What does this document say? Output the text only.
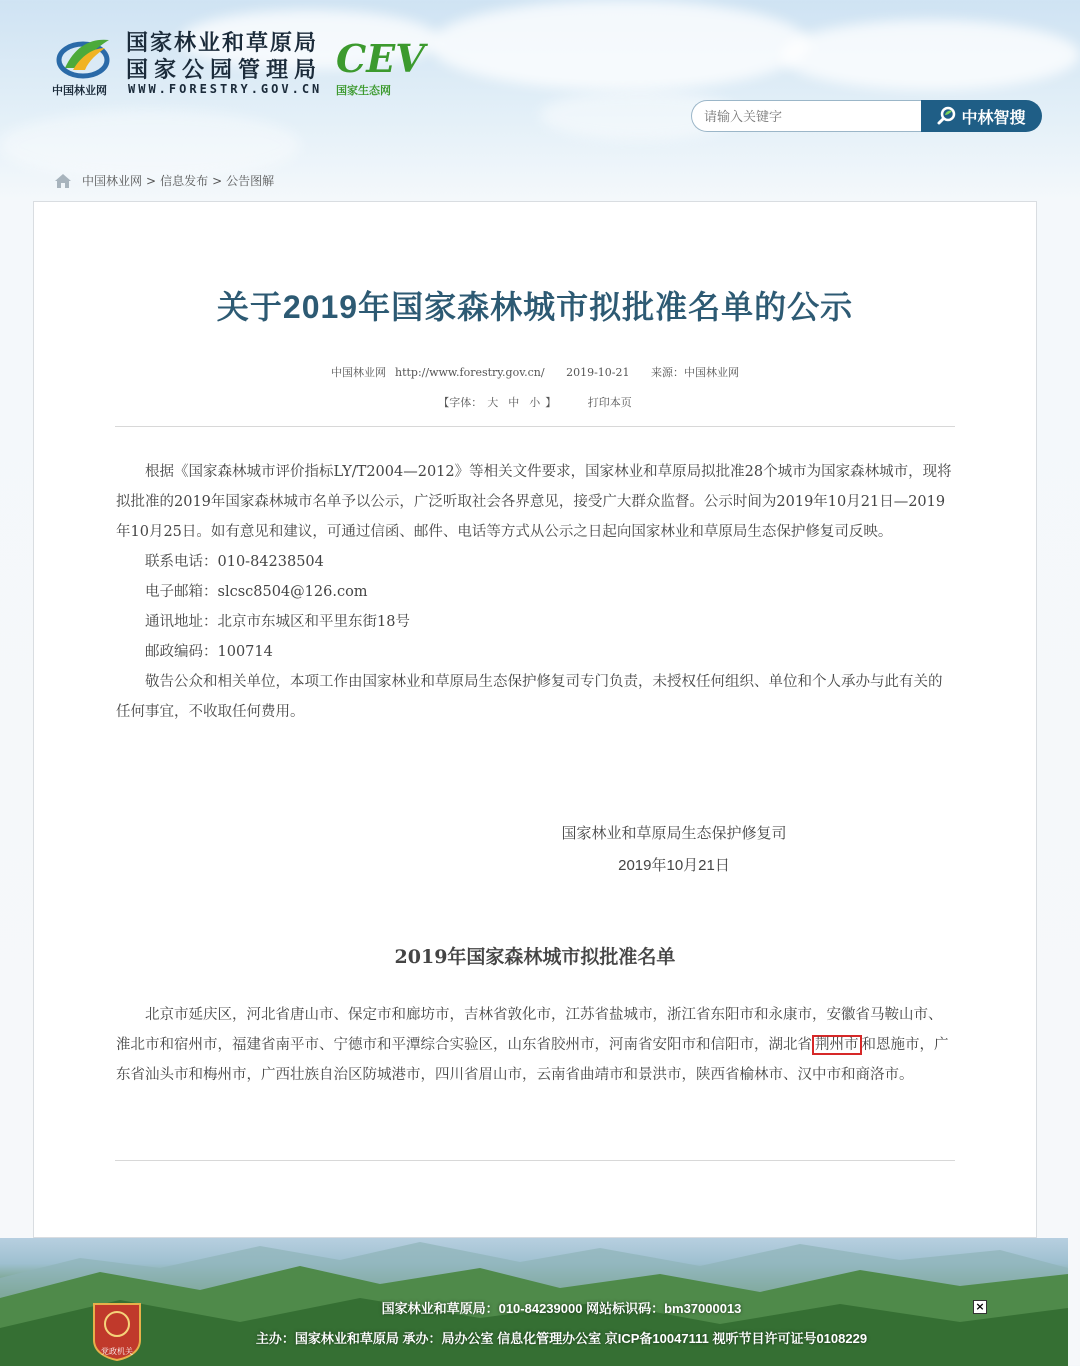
国家林业和草原局
国家公园管理局
中国林业网 WWW.FORESTRY.GOV.CN
CEV
国家生态网
请输入关键字
中林智搜
中国林业网 > 信息发布 > 公告图解
关于2019年国家森林城市拟批准名单的公示
中国林业网 http://www.forestry.gov.cn/ 2019-10-21 来源：中国林业网
【字体： 大 中 小 】	打印本页

根据《国家森林城市评价指标LY/T2004—2012》等相关文件要求，国家林业和草原局拟批准28个城市为国家森林城市，现将拟批准的2019年国家森林城市名单予以公示，广泛听取社会各界意见，接受广大群众监督。公示时间为2019年10月21日—2019年10月25日。如有意见和建议，可通过信函、邮件、电话等方式从公示之日起向国家林业和草原局生态保护修复司反映。

联系电话：010-84238504

电子邮箱：slcsc8504@126.com

通讯地址：北京市东城区和平里东街18号

邮政编码：100714

敬告公众和相关单位，本项工作由国家林业和草原局生态保护修复司专门负责，未授权任何组织、单位和个人承办与此有关的任何事宜，不收取任何费用。

国家林业和草原局生态保护修复司
2019年10月21日
2019年国家森林城市拟批准名单
北京市延庆区，河北省唐山市、保定市和廊坊市，吉林省敦化市，江苏省盐城市，浙江省东阳市和永康市，安徽省马鞍山市、淮北市和宿州市，福建省南平市、宁德市和平潭综合实验区，山东省胶州市，河南省安阳市和信阳市，湖北省 荆州市 和恩施市，广东省汕头市和梅州市，广西壮族自治区防城港市，四川省眉山市，云南省曲靖市和景洪市，陕西省榆林市、汉中市和商洛市。
党政机关
国家林业和草原局：010-84239000 网站标识码：bm37000013
主办：国家林业和草原局 承办：局办公室 信息化管理办公室 京ICP备10047111 视听节目许可证号0108229
×
